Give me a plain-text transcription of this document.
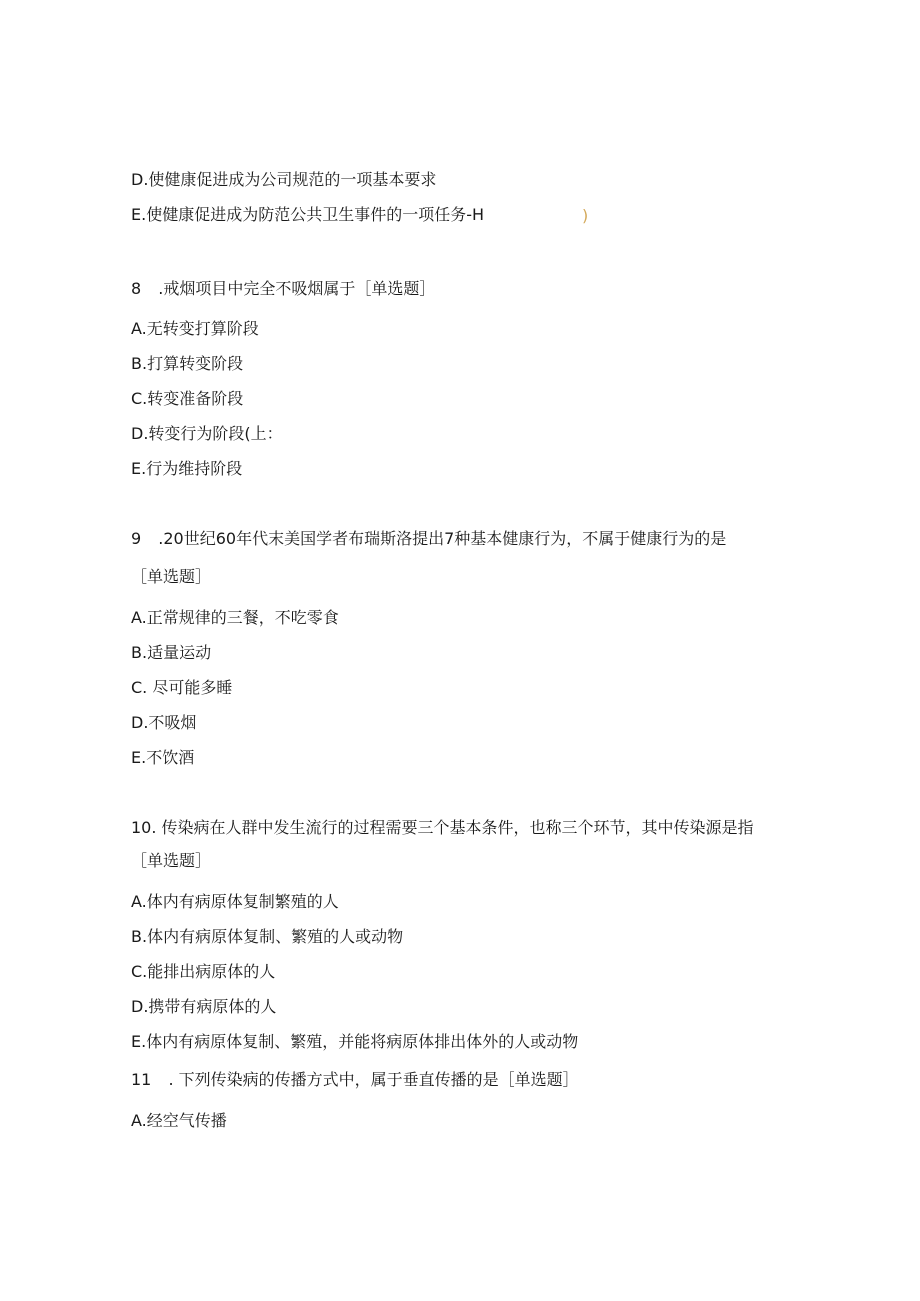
D.使健康促进成为公司规范的一项基本要求
E.使健康促进成为防范公共卫生事件的一项任务-H	)
8 .戒烟项目中完全不吸烟属于［单选题］
A.无转变打算阶段
B.打算转变阶段
C.转变准备阶段
D.转变行为阶段(上：
E.行为维持阶段
9 .20世纪60年代末美国学者布瑞斯洛提出7种基本健康行为，不属于健康行为的是
［单选题］
A.正常规律的三餐，不吃零食
B.适量运动
C. 尽可能多睡
D.不吸烟
E.不饮酒
10. 传染病在人群中发生流行的过程需要三个基本条件，也称三个环节，其中传染源是指
［单选题］
A.体内有病原体复制繁殖的人
B.体内有病原体复制、繁殖的人或动物
C.能排出病原体的人
D.携带有病原体的人
E.体内有病原体复制、繁殖，并能将病原体排出体外的人或动物
11 . 下列传染病的传播方式中，属于垂直传播的是［单选题］
A.经空气传播
